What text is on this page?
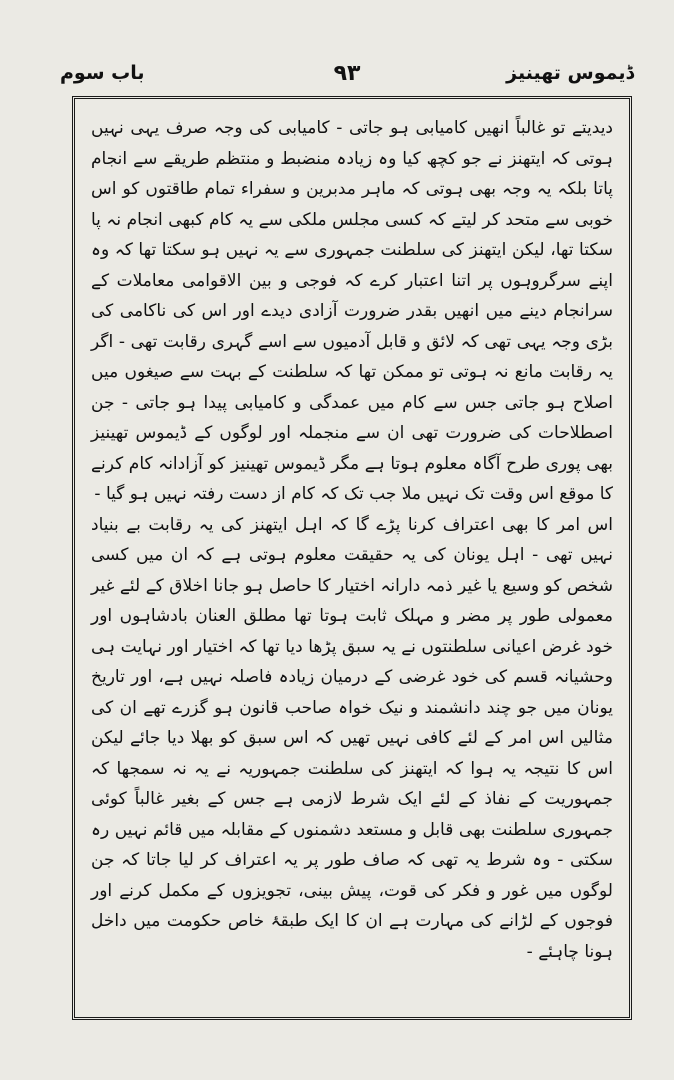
ڈیموس تھینیز
۹۳
باب سوم

دیدیتے تو غالباً انھیں کامیابی ہو جاتی - کامیابی کی وجہ صرف یہی نہیں ہوتی کہ ایتھنز نے جو کچھ کیا وہ زیادہ منضبط و منتظم طریقے سے انجام پاتا بلکہ یہ وجہ بھی ہوتی کہ ماہر مدبرین و سفراء تمام طاقتوں کو اس خوبی سے متحد کر لیتے کہ کسی مجلس ملکی سے یہ کام کبھی انجام نہ پا سکتا تھا، لیکن ایتھنز کی سلطنت جمہوری سے یہ نہیں ہو سکتا تھا کہ وہ اپنے سرگروہوں پر اتنا اعتبار کرے کہ فوجی و بین الاقوامی معاملات کے سرانجام دینے میں انھیں بقدر ضرورت آزادی دیدے اور اس کی ناکامی کی بڑی وجہ یہی تھی کہ لائق و قابل آدمیوں سے اسے گہری رقابت تھی - اگر یہ رقابت مانع نہ ہوتی تو ممکن تھا کہ سلطنت کے بہت سے صیغوں میں اصلاح ہو جاتی جس سے کام میں عمدگی و کامیابی پیدا ہو جاتی - جن اصطلاحات کی ضرورت تھی ان سے منجملہ اور لوگوں کے ڈیموس تھینیز بھی پوری طرح آگاہ معلوم ہوتا ہے مگر ڈیموس تھینیز کو آزادانہ کام کرنے کا موقع اس وقت تک نہیں ملا جب تک کہ کام از دست رفتہ نہیں ہو گیا -

اس امر کا بھی اعتراف کرنا پڑے گا کہ اہل ایتھنز کی یہ رقابت بے بنیاد نہیں تھی - اہل یونان کی یہ حقیقت معلوم ہوتی ہے کہ ان میں کسی شخص کو وسیع یا غیر ذمہ دارانہ اختیار کا حاصل ہو جانا اخلاق کے لئے غیر معمولی طور پر مضر و مہلک ثابت ہوتا تھا مطلق العنان بادشاہوں اور خود غرض اعیانی سلطنتوں نے یہ سبق پڑھا دیا تھا کہ اختیار اور نہایت ہی وحشیانہ قسم کی خود غرضی کے درمیان زیادہ فاصلہ نہیں ہے، اور تاریخ یونان میں جو چند دانشمند و نیک خواہ صاحب قانون ہو گزرے تھے ان کی مثالیں اس امر کے لئے کافی نہیں تھیں کہ اس سبق کو بھلا دیا جائے لیکن اس کا نتیجہ یہ ہوا کہ ایتھنز کی سلطنت جمہوریہ نے یہ نہ سمجھا کہ جمہوریت کے نفاذ کے لئے ایک شرط لازمی ہے جس کے بغیر غالباً کوئی جمہوری سلطنت بھی قابل و مستعد دشمنوں کے مقابلہ میں قائم نہیں رہ سکتی - وہ شرط یہ تھی کہ صاف طور پر یہ اعتراف کر لیا جاتا کہ جن لوگوں میں غور و فکر کی قوت، پیش بینی، تجویزوں کے مکمل کرنے اور فوجوں کے لڑانے کی مہارت ہے ان کا ایک طبقۂ خاص حکومت میں داخل ہونا چاہئے -
